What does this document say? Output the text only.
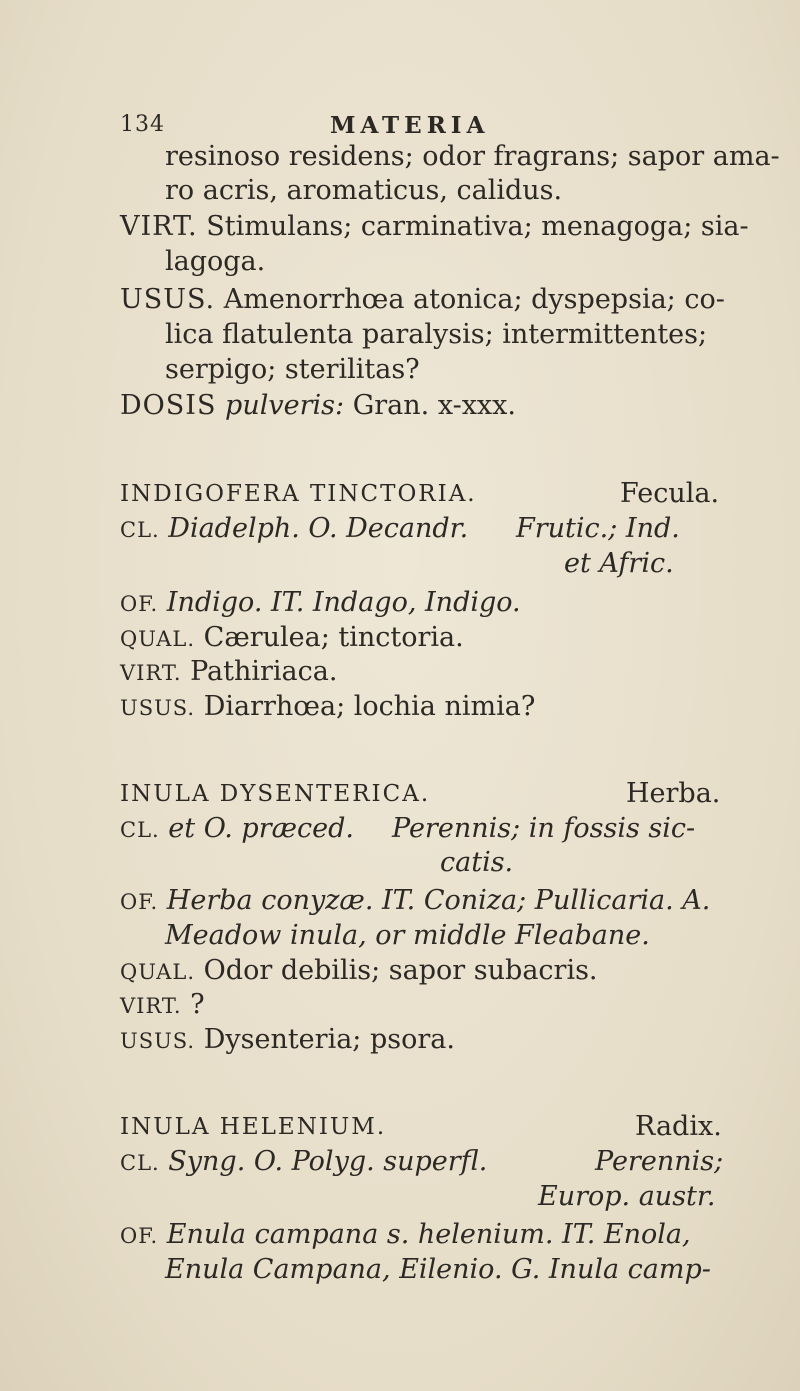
134	MATERIA
resinoso residens; odor fragrans; sapor ama-
ro acris, aromaticus, calidus.
VIRT. Stimulans; carminativa; menagoga; sia-
lagoga.
USUS. Amenorrhœa atonica; dyspepsia; co-
lica flatulenta paralysis; intermittentes;
serpigo; sterilitas?
DOSIS pulveris: Gran. x-xxx.
INDIGOFERA TINCTORIA.	Fecula.
CL. Diadelph. O. Decandr. Frutic.; Ind.
et Afric.
OF. Indigo. IT. Indago, Indigo.
QUAL. Cærulea; tinctoria.
VIRT. Pathiriaca.
USUS. Diarrhœa; lochia nimia?
INULA DYSENTERICA.	Herba.
CL. et O. præced. Perennis; in fossis sic-
catis.
OF. Herba conyzæ. IT. Coniza; Pullicaria. A.
Meadow inula, or middle Fleabane.
QUAL. Odor debilis; sapor subacris.
VIRT. ?
USUS. Dysenteria; psora.
INULA HELENIUM.	Radix.
CL. Syng. O. Polyg. superfl.	Perennis;
Europ. austr.
OF. Enula campana s. helenium. IT. Enola,
Enula Campana, Eilenio. G. Inula camp-
